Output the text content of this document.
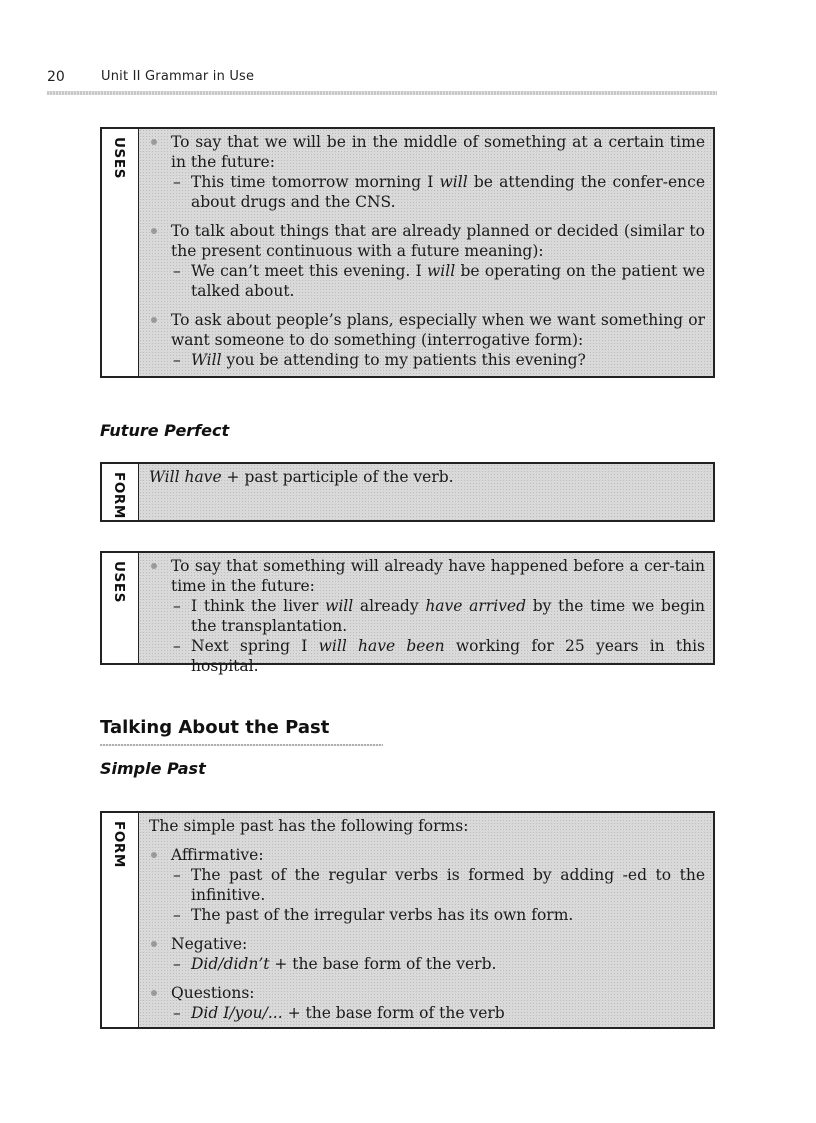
20	Unit II Grammar in Use
USES	To say that we will be in the middle of something at a certain time in the future:
– This time tomorrow morning I will be attending the confer-ence about drugs and the CNS.
To talk about things that are already planned or decided (similar to the present continuous with a future meaning):
– We can’t meet this evening. I will be operating on the patient we talked about.
To ask about people’s plans, especially when we want something or want someone to do something (interrogative form):
– Will you be attending to my patients this evening?
Future Perfect
FORM Will have + past participle of the verb.

USES	To say that something will already have happened before a cer-tain time in the future:
– I think the liver will already have arrived by the time we begin the transplantation.
– Next spring I will have been working for 25 years in this hospital.
Talking About the Past
Simple Past
FORM The simple past has the following forms:

Affirmative:
– The past of the regular verbs is formed by adding -ed to the infinitive.
– The past of the irregular verbs has its own form.
Negative:
– Did/didn’t + the base form of the verb.
Questions:
– Did I/you/... + the base form of the verb
